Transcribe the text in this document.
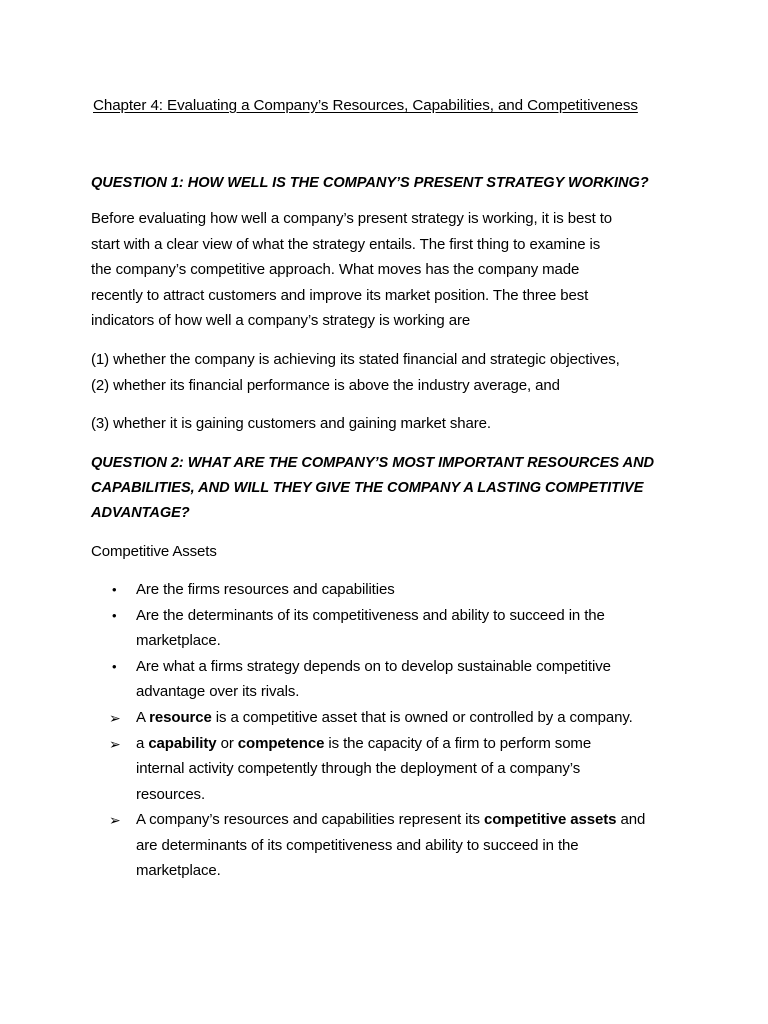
Chapter 4: Evaluating a Company’s Resources, Capabilities, and Competitiveness
QUESTION 1: HOW WELL IS THE COMPANY’S PRESENT STRATEGY WORKING?
Before evaluating how well a company’s present strategy is working, it is best to
start with a clear view of what the strategy entails. The first thing to examine is
the company’s competitive approach. What moves has the company made
recently to attract customers and improve its market position. The three best
indicators of how well a company’s strategy is working are
(1) whether the company is achieving its stated financial and strategic objectives,
(2) whether its financial performance is above the industry average, and
(3) whether it is gaining customers and gaining market share.
QUESTION 2: WHAT ARE THE COMPANY’S MOST IMPORTANT RESOURCES AND
CAPABILITIES, AND WILL THEY GIVE THE COMPANY A LASTING COMPETITIVE
ADVANTAGE?
Competitive Assets
• Are the firms resources and capabilities
• Are the determinants of its competitiveness and ability to succeed in the
marketplace.
• Are what a firms strategy depends on to develop sustainable competitive
advantage over its rivals.
➢ A resource is a competitive asset that is owned or controlled by a company.
➢ a capability or competence is the capacity of a firm to perform some
internal activity competently through the deployment of a company’s
resources.
➢ A company’s resources and capabilities represent its competitive assets and
are determinants of its competitiveness and ability to succeed in the
marketplace.
